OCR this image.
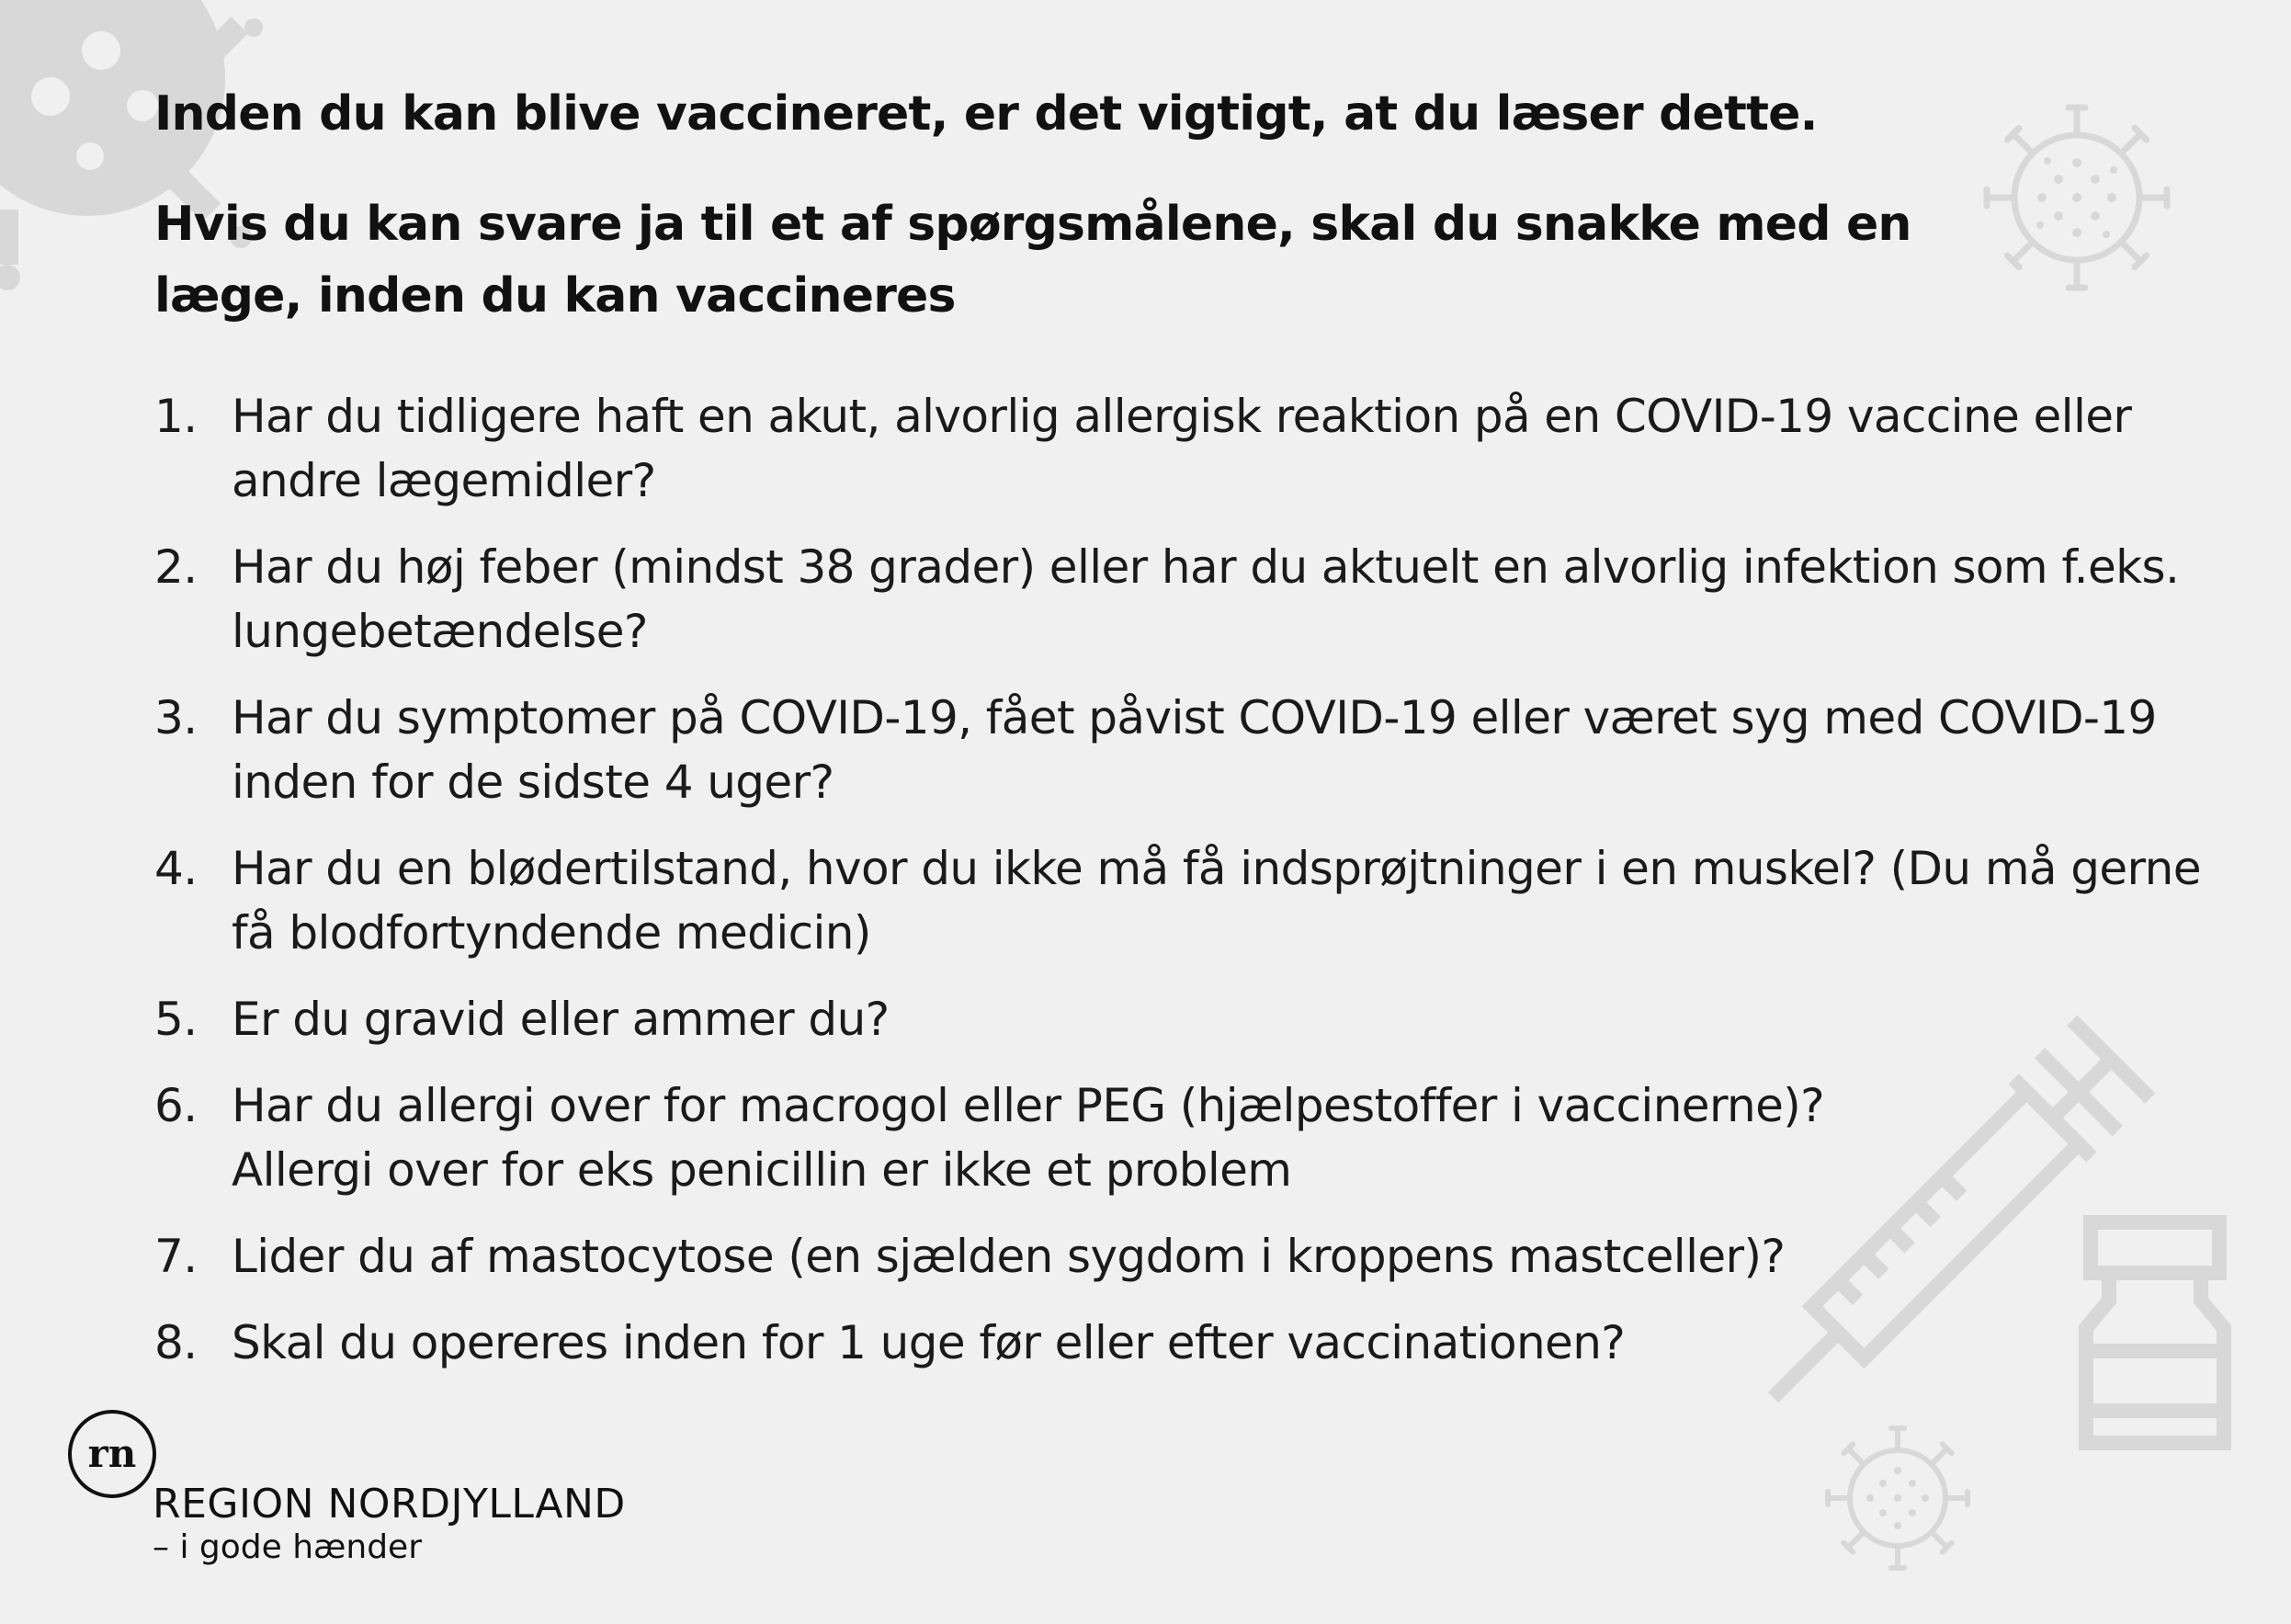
Inden du kan blive vaccineret, er det vigtigt, at du læser dette.
Hvis du kan svare ja til et af spørgsmålene, skal du snakke med en læge, inden du kan vaccineres
1. Har du tidligere haft en akut, alvorlig allergisk reaktion på en COVID-19 vaccine eller andre lægemidler?
2. Har du høj feber (mindst 38 grader) eller har du aktuelt en alvorlig infektion som f.eks. lungebetændelse?
3. Har du symptomer på COVID-19, fået påvist COVID-19 eller været syg med COVID-19 inden for de sidste 4 uger?
4. Har du en blødertilstand, hvor du ikke må få indsprøjtninger i en muskel? (Du må gerne få blodfortyndende medicin)
5. Er du gravid eller ammer du?
6. Har du allergi over for macrogol eller PEG (hjælpestoffer i vaccinerne)?
Allergi over for eks penicillin er ikke et problem
7. Lider du af mastocytose (en sjælden sygdom i kroppens mastceller)?
8. Skal du opereres inden for 1 uge før eller efter vaccinationen?
rn
REGION NORDJYLLAND
– i gode hænder
